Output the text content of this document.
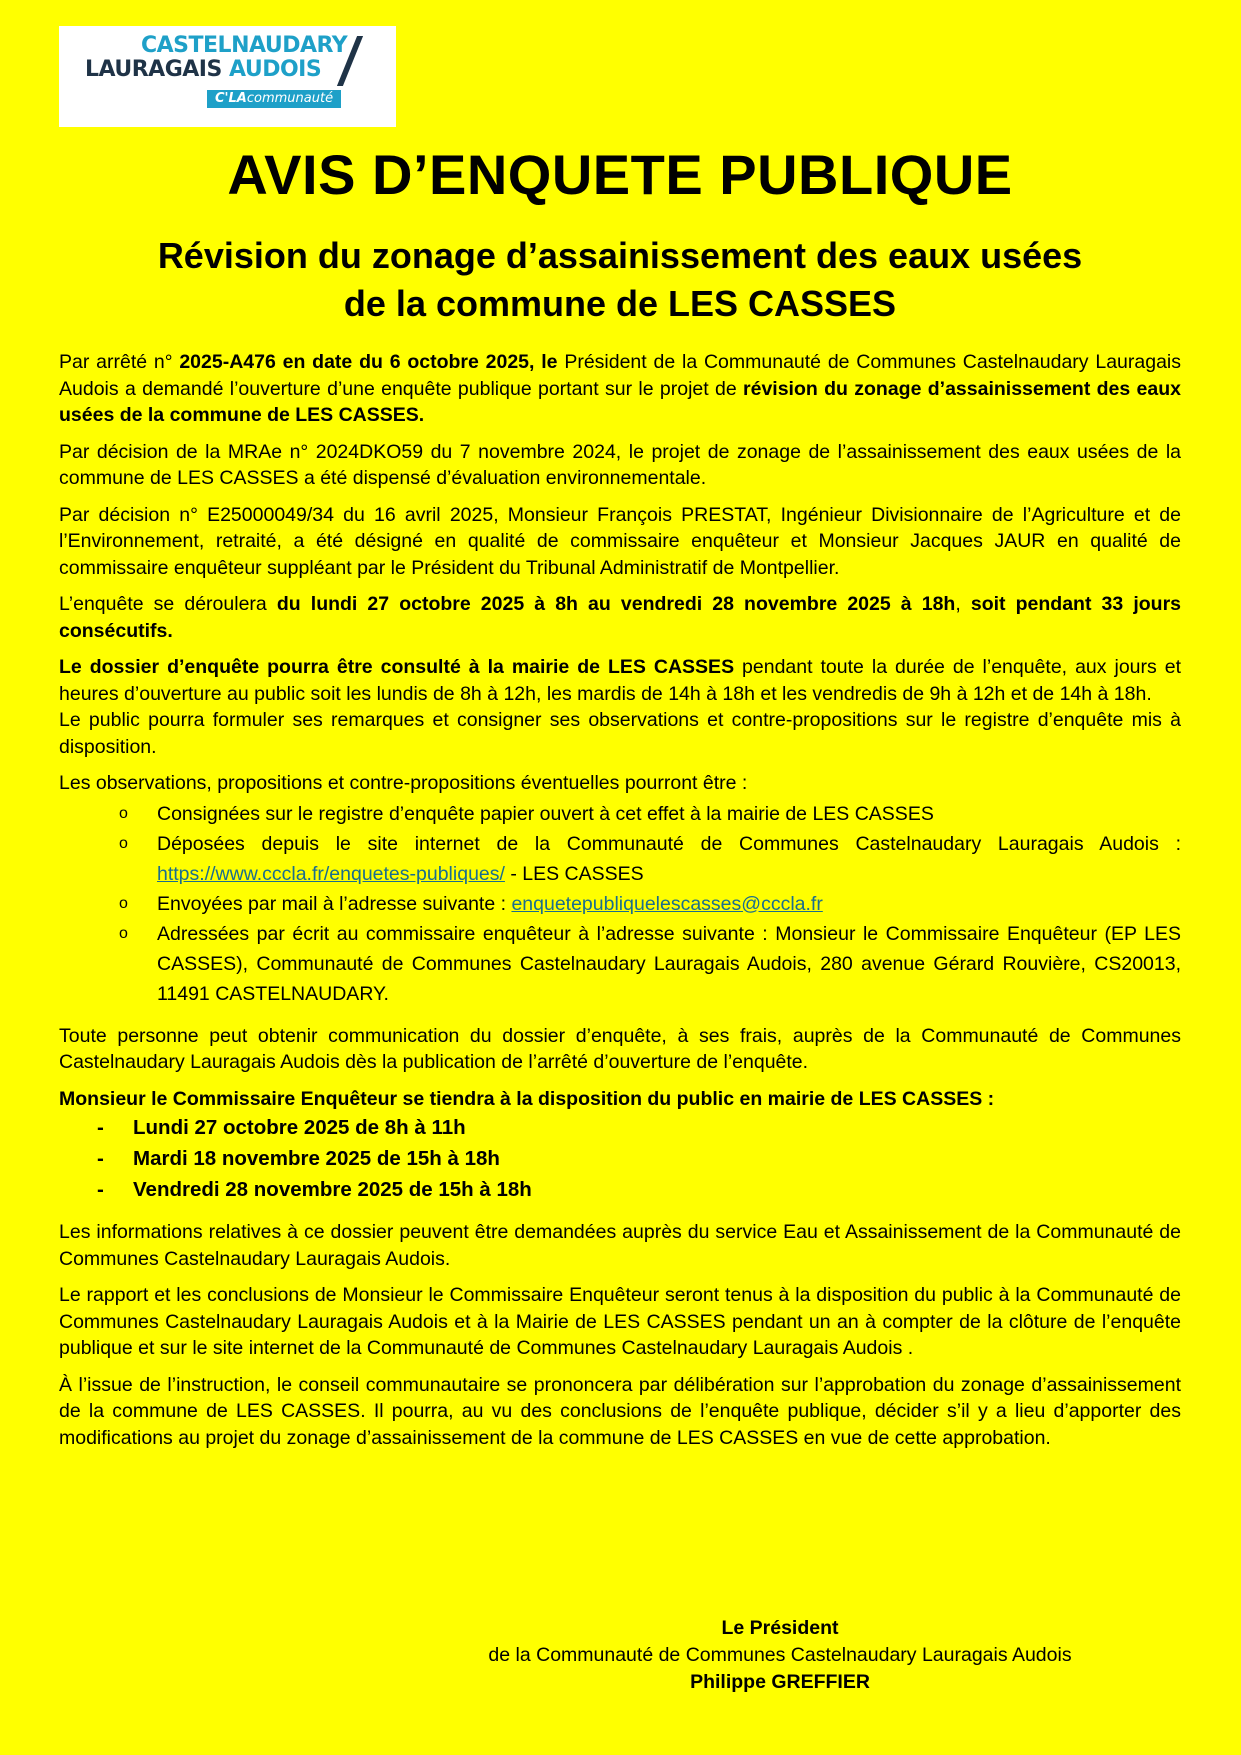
CASTELNAUDARY
LAURAGAIS AUDOIS
C'LAcommunauté
AVIS D’ENQUETE PUBLIQUE
Révision du zonage d’assainissement des eaux usées
de la commune de LES CASSES

Par arrêté n° 2025-A476 en date du 6 octobre 2025, le Président de la Communauté de Communes Castelnaudary Lauragais Audois a demandé l’ouverture d’une enquête publique portant sur le projet de révision du zonage d’assainissement des eaux usées de la commune de LES CASSES.

Par décision de la MRAe n° 2024DKO59 du 7 novembre 2024, le projet de zonage de l’assainissement des eaux usées de la commune de LES CASSES a été dispensé d’évaluation environnementale.

Par décision n° E25000049/34 du 16 avril 2025, Monsieur François PRESTAT, Ingénieur Divisionnaire de l’Agriculture et de l’Environnement, retraité, a été désigné en qualité de commissaire enquêteur et Monsieur Jacques JAUR en qualité de commissaire enquêteur suppléant par le Président du Tribunal Administratif de Montpellier.

L’enquête se déroulera du lundi 27 octobre 2025 à 8h au vendredi 28 novembre 2025 à 18h, soit pendant 33 jours consécutifs.

Le dossier d’enquête pourra être consulté à la mairie de LES CASSES pendant toute la durée de l’enquête, aux jours et heures d’ouverture au public soit les lundis de 8h à 12h, les mardis de 14h à 18h et les vendredis de 9h à 12h et de 14h à 18h.
Le public pourra formuler ses remarques et consigner ses observations et contre-propositions sur le registre d’enquête mis à disposition.

Les observations, propositions et contre-propositions éventuelles pourront être :

o Consignées sur le registre d’enquête papier ouvert à cet effet à la mairie de LES CASSES
o Déposées depuis le site internet de la Communauté de Communes Castelnaudary Lauragais Audois : https://www.cccla.fr/enquetes-publiques/ - LES CASSES
o Envoyées par mail à l’adresse suivante : enquetepubliquelescasses@cccla.fr
o Adressées par écrit au commissaire enquêteur à l’adresse suivante : Monsieur le Commissaire Enquêteur (EP LES CASSES), Communauté de Communes Castelnaudary Lauragais Audois, 280 avenue Gérard Rouvière, CS20013, 11491 CASTELNAUDARY.

Toute personne peut obtenir communication du dossier d’enquête, à ses frais, auprès de la Communauté de Communes Castelnaudary Lauragais Audois dès la publication de l’arrêté d’ouverture de l’enquête.

Monsieur le Commissaire Enquêteur se tiendra à la disposition du public en mairie de LES CASSES :

- Lundi 27 octobre 2025 de 8h à 11h
- Mardi 18 novembre 2025 de 15h à 18h
- Vendredi 28 novembre 2025 de 15h à 18h

Les informations relatives à ce dossier peuvent être demandées auprès du service Eau et Assainissement de la Communauté de Communes Castelnaudary Lauragais Audois.

Le rapport et les conclusions de Monsieur le Commissaire Enquêteur seront tenus à la disposition du public à la Communauté de Communes Castelnaudary Lauragais Audois et à la Mairie de LES CASSES pendant un an à compter de la clôture de l’enquête publique et sur le site internet de la Communauté de Communes Castelnaudary Lauragais Audois .

À l’issue de l’instruction, le conseil communautaire se prononcera par délibération sur l’approbation du zonage d’assainissement de la commune de LES CASSES. Il pourra, au vu des conclusions de l’enquête publique, décider s’il y a lieu d’apporter des modifications au projet du zonage d’assainissement de la commune de LES CASSES en vue de cette approbation.

Le Président
de la Communauté de Communes Castelnaudary Lauragais Audois
Philippe GREFFIER
